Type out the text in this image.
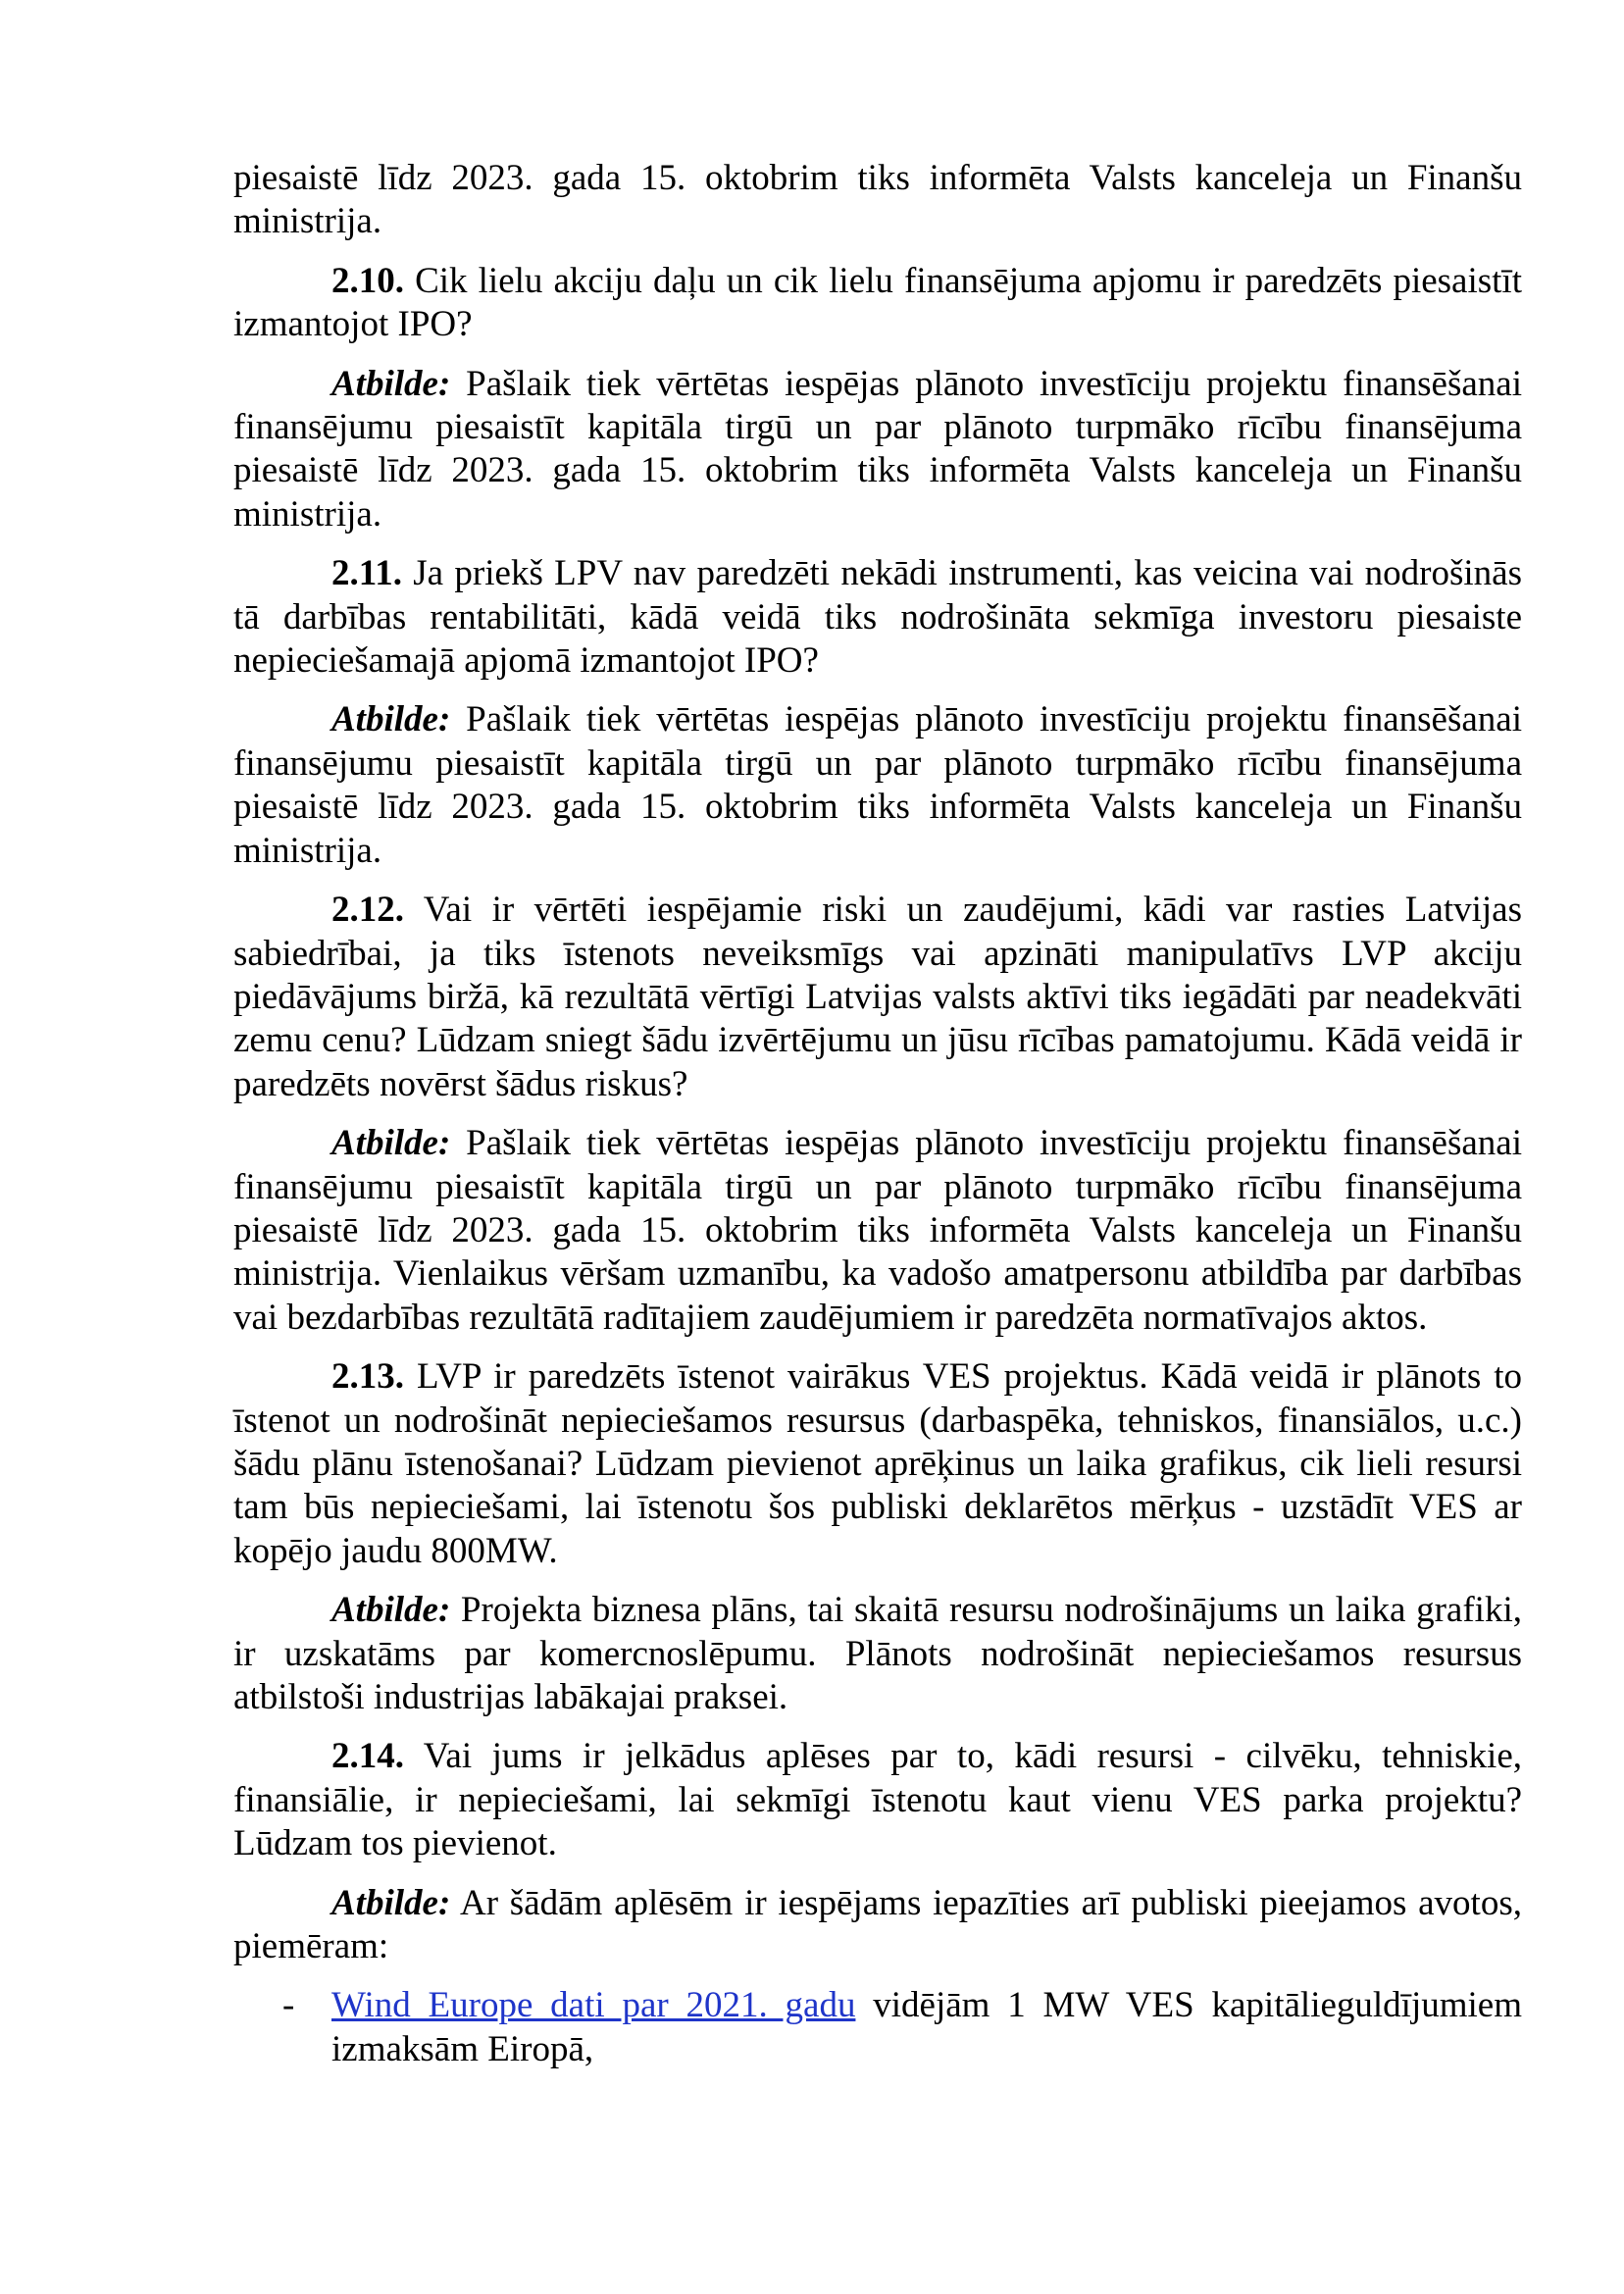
piesaistē līdz 2023. gada 15. oktobrim tiks informēta Valsts kanceleja un Finanšu ministrija.

2.10. Cik lielu akciju daļu un cik lielu finansējuma apjomu ir paredzēts piesaistīt izmantojot IPO?

Atbilde: Pašlaik tiek vērtētas iespējas plānoto investīciju projektu finansēšanai finansējumu piesaistīt kapitāla tirgū un par plānoto turpmāko rīcību finansējuma piesaistē līdz 2023. gada 15. oktobrim tiks informēta Valsts kanceleja un Finanšu ministrija.

2.11. Ja priekš LPV nav paredzēti nekādi instrumenti, kas veicina vai nodrošinās tā darbības rentabilitāti, kādā veidā tiks nodrošināta sekmīga investoru piesaiste nepieciešamajā apjomā izmantojot IPO?

Atbilde: Pašlaik tiek vērtētas iespējas plānoto investīciju projektu finansēšanai finansējumu piesaistīt kapitāla tirgū un par plānoto turpmāko rīcību finansējuma piesaistē līdz 2023. gada 15. oktobrim tiks informēta Valsts kanceleja un Finanšu ministrija.

2.12. Vai ir vērtēti iespējamie riski un zaudējumi, kādi var rasties Latvijas sabiedrībai, ja tiks īstenots neveiksmīgs vai apzināti manipulatīvs LVP akciju piedāvājums biržā, kā rezultātā vērtīgi Latvijas valsts aktīvi tiks iegādāti par neadekvāti zemu cenu? Lūdzam sniegt šādu izvērtējumu un jūsu rīcības pamatojumu. Kādā veidā ir paredzēts novērst šādus riskus?

Atbilde: Pašlaik tiek vērtētas iespējas plānoto investīciju projektu finansēšanai finansējumu piesaistīt kapitāla tirgū un par plānoto turpmāko rīcību finansējuma piesaistē līdz 2023. gada 15. oktobrim tiks informēta Valsts kanceleja un Finanšu ministrija. Vienlaikus vēršam uzmanību, ka vadošo amatpersonu atbildība par darbības vai bezdarbības rezultātā radītajiem zaudējumiem ir paredzēta normatīvajos aktos.

2.13. LVP ir paredzēts īstenot vairākus VES projektus. Kādā veidā ir plānots to īstenot un nodrošināt nepieciešamos resursus (darbaspēka, tehniskos, finansiālos, u.c.) šādu plānu īstenošanai? Lūdzam pievienot aprēķinus un laika grafikus, cik lieli resursi tam būs nepieciešami, lai īstenotu šos publiski deklarētos mērķus - uzstādīt VES ar kopējo jaudu 800MW.

Atbilde: Projekta biznesa plāns, tai skaitā resursu nodrošinājums un laika grafiki, ir uzskatāms par komercnoslēpumu. Plānots nodrošināt nepieciešamos resursus atbilstoši industrijas labākajai praksei.

2.14. Vai jums ir jelkādus aplēses par to, kādi resursi - cilvēku, tehniskie, finansiālie, ir nepieciešami, lai sekmīgi īstenotu kaut vienu VES parka projektu? Lūdzam tos pievienot.

Atbilde: Ar šādām aplēsēm ir iespējams iepazīties arī publiski pieejamos avotos, piemēram:

- Wind Europe dati par 2021. gadu vidējām 1 MW VES kapitālieguldījumiem izmaksām Eiropā,
